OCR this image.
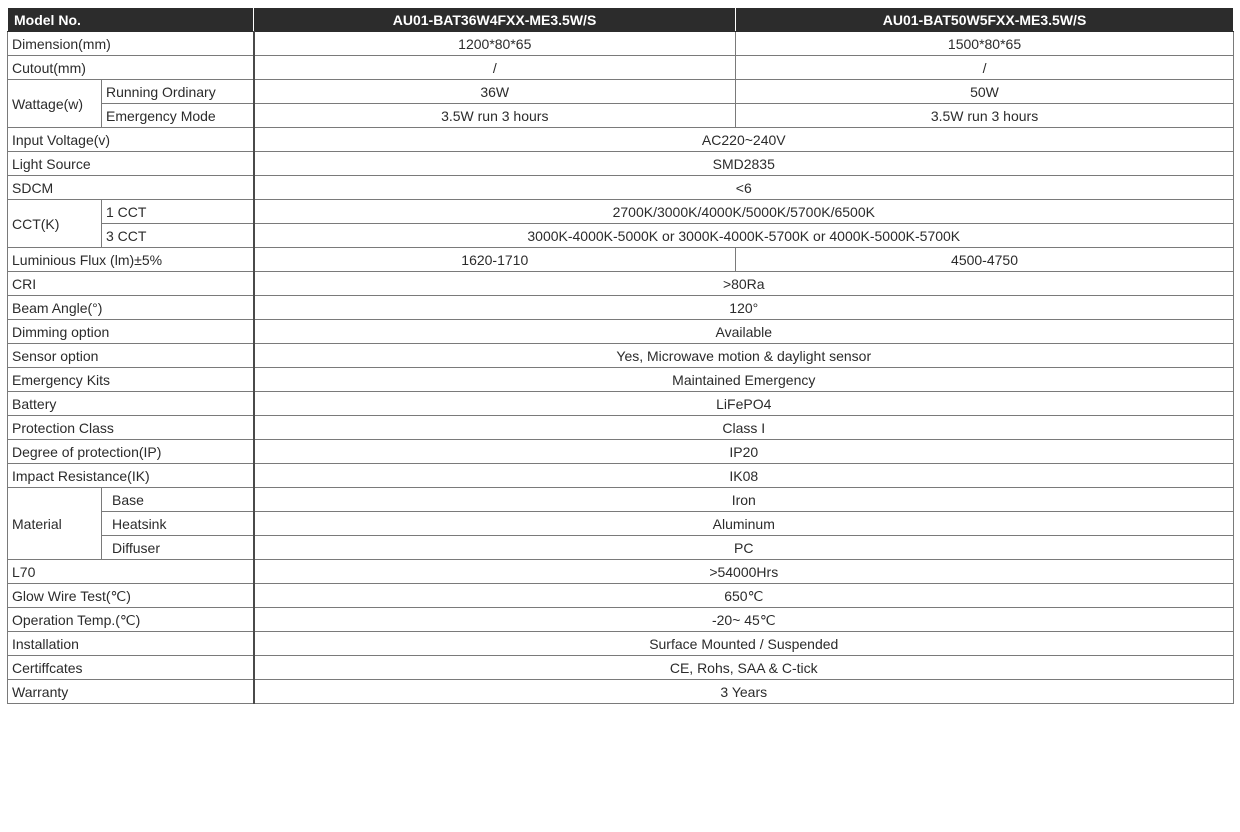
Model No.		AU01-BAT36W4FXX-ME3.5W/S	AU01-BAT50W5FXX-ME3.5W/S
Dimension(mm)		1200*80*65	1500*80*65
Cutout(mm)		/	/
Wattage(w)	Running Ordinary	36W	50W
	Emergency Mode	3.5W run 3 hours	3.5W run 3 hours
Input Voltage(v)		AC220~240V	
Light Source		SMD2835	
SDCM		<6	
CCT(K)	1 CCT	2700K/3000K/4000K/5000K/5700K/6500K	
	3 CCT	3000K-4000K-5000K or 3000K-4000K-5700K or 4000K-5000K-5700K	
Luminious Flux (lm)±5%		1620-1710	4500-4750
CRI		>80Ra	
Beam Angle(°)		120°	
Dimming option		Available	
Sensor option		Yes, Microwave motion & daylight sensor	
Emergency Kits		Maintained Emergency	
Battery		LiFePO4	
Protection Class		Class I	
Degree of protection(IP)		IP20	
Impact Resistance(IK)		IK08	
Material	Base	Iron	
	Heatsink	Aluminum	
	Diffuser	PC	
L70		>54000Hrs	
Glow Wire Test(℃)		650℃	
Operation Temp.(℃)		-20~ 45℃	
Installation		Surface Mounted / Suspended	
Certiffcates		CE, Rohs, SAA & C-tick	
Warranty		3 Years	
